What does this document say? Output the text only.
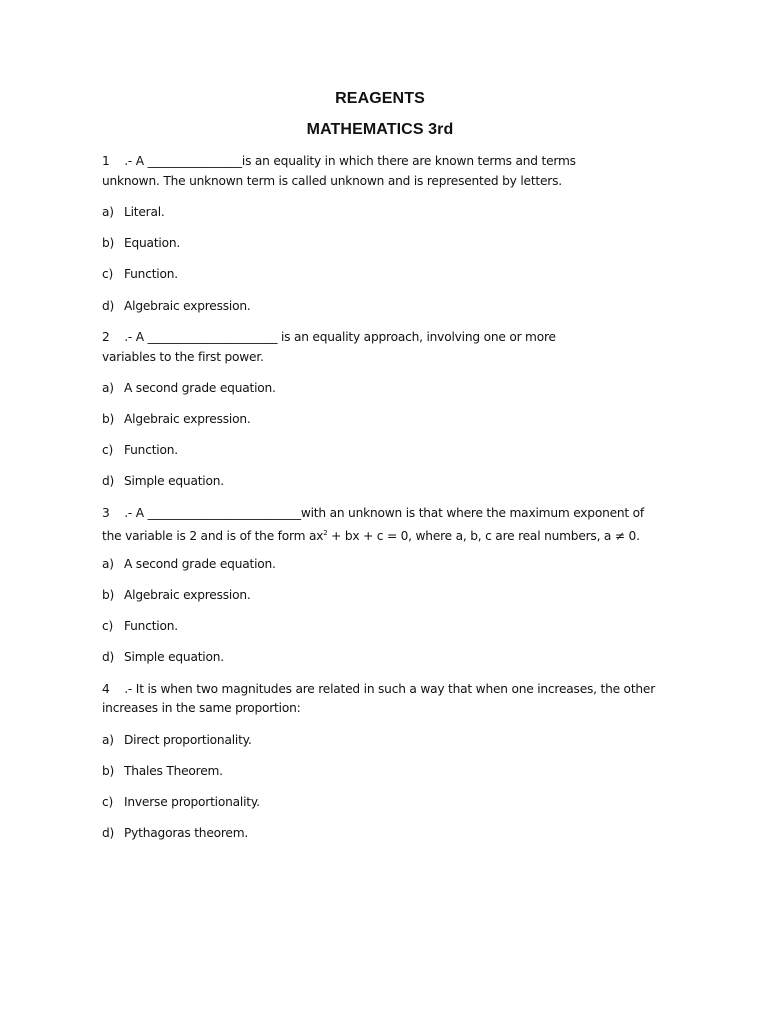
REAGENTS
MATHEMATICS 3rd
1    .- A ________________is an equality in which there are known terms and terms
unknown. The unknown term is called unknown and is represented by letters.
a) Literal.
b) Equation.
c) Function.
d) Algebraic expression.
2    .- A ______________________ is an equality approach, involving one or more
variables to the first power.
a) A second grade equation.
b) Algebraic expression.
c) Function.
d) Simple equation.
3    .- A __________________________with an unknown is that where the maximum exponent of
the variable is 2 and is of the form $ax^2$ + bx + c = 0, where a, b, c are real numbers, a ≠ 0.
a) A second grade equation.
b) Algebraic expression.
c) Function.
d) Simple equation.
4    .- It is when two magnitudes are related in such a way that when one increases, the other
increases in the same proportion:
a) Direct proportionality.
b) Thales Theorem.
c) Inverse proportionality.
d) Pythagoras theorem.
